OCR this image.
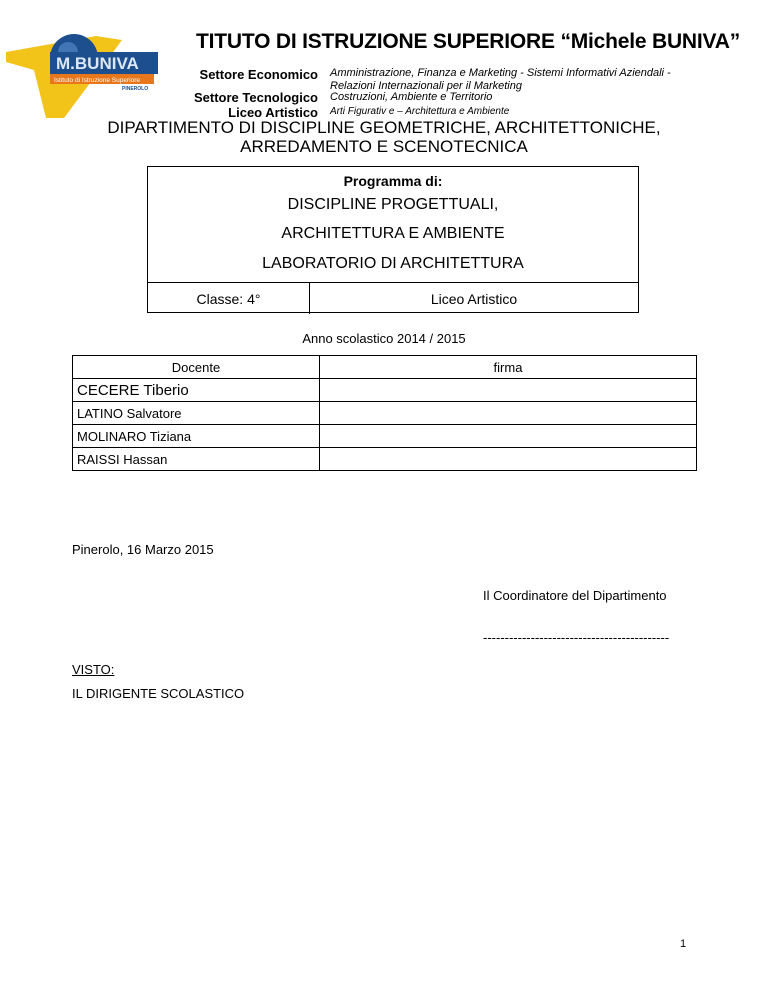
M.BUNIVA
Istituto di Istruzione Superiore
PINEROLO
TITUTO DI ISTRUZIONE SUPERIORE “Michele BUNIVA”
Settore Economico Amministrazione, Finanza e Marketing - Sistemi Informativi Aziendali -
Relazioni Internazionali per il Marketing
Settore Tecnologico Costruzioni, Ambiente e Territorio
Liceo Artistico Arti Figurativ e – Architettura e Ambiente
DIPARTIMENTO DI DISCIPLINE GEOMETRICHE, ARCHITETTONICHE,
ARREDAMENTO E SCENOTECNICA
Programma di:
DISCIPLINE PROGETTUALI,
ARCHITETTURA E AMBIENTE
LABORATORIO DI ARCHITETTURA
Classe: 4°	Liceo Artistico
Anno scolastico 2014 / 2015
Docente	firma
CECERE Tiberio	
LATINO Salvatore	
MOLINARO Tiziana	
RAISSI Hassan	
Pinerolo, 16 Marzo 2015
Il Coordinatore del Dipartimento
-------------------------------------------
VISTO:
IL DIRIGENTE SCOLASTICO
1
